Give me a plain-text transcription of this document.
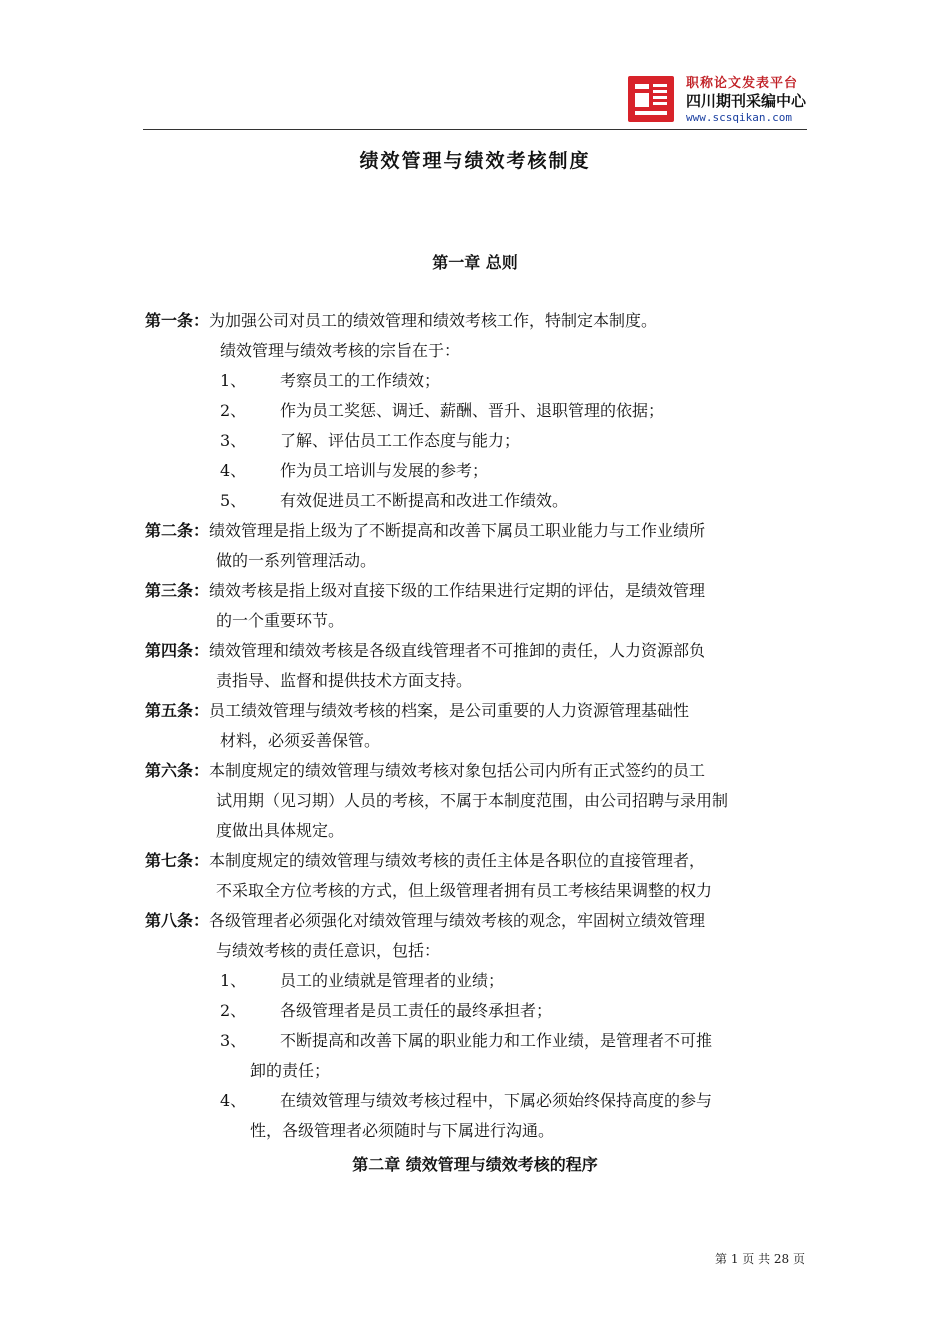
职称论文发表平台
四川期刊采编中心
www.scsqikan.com
绩效管理与绩效考核制度
第一章 总则
第一条：为加强公司对员工的绩效管理和绩效考核工作，特制定本制度。
绩效管理与绩效考核的宗旨在于：
1、 考察员工的工作绩效；
2、 作为员工奖惩、调迁、薪酬、晋升、退职管理的依据；
3、 了解、评估员工工作态度与能力；
4、 作为员工培训与发展的参考；
5、 有效促进员工不断提高和改进工作绩效。
第二条：绩效管理是指上级为了不断提高和改善下属员工职业能力与工作业绩所
做的一系列管理活动。
第三条：绩效考核是指上级对直接下级的工作结果进行定期的评估，是绩效管理
的一个重要环节。
第四条：绩效管理和绩效考核是各级直线管理者不可推卸的责任，人力资源部负
责指导、监督和提供技术方面支持。
第五条：员工绩效管理与绩效考核的档案，是公司重要的人力资源管理基础性
材料，必须妥善保管。
第六条：本制度规定的绩效管理与绩效考核对象包括公司内所有正式签约的员工
试用期（见习期）人员的考核，不属于本制度范围，由公司招聘与录用制
度做出具体规定。
第七条：本制度规定的绩效管理与绩效考核的责任主体是各职位的直接管理者，
不采取全方位考核的方式，但上级管理者拥有员工考核结果调整的权力
第八条：各级管理者必须强化对绩效管理与绩效考核的观念，牢固树立绩效管理
与绩效考核的责任意识，包括：
1、 员工的业绩就是管理者的业绩；
2、 各级管理者是员工责任的最终承担者；
3、 不断提高和改善下属的职业能力和工作业绩，是管理者不可推
卸的责任；
4、 在绩效管理与绩效考核过程中，下属必须始终保持高度的参与
性，各级管理者必须随时与下属进行沟通。
第二章 绩效管理与绩效考核的程序
第 1 页 共 28 页
